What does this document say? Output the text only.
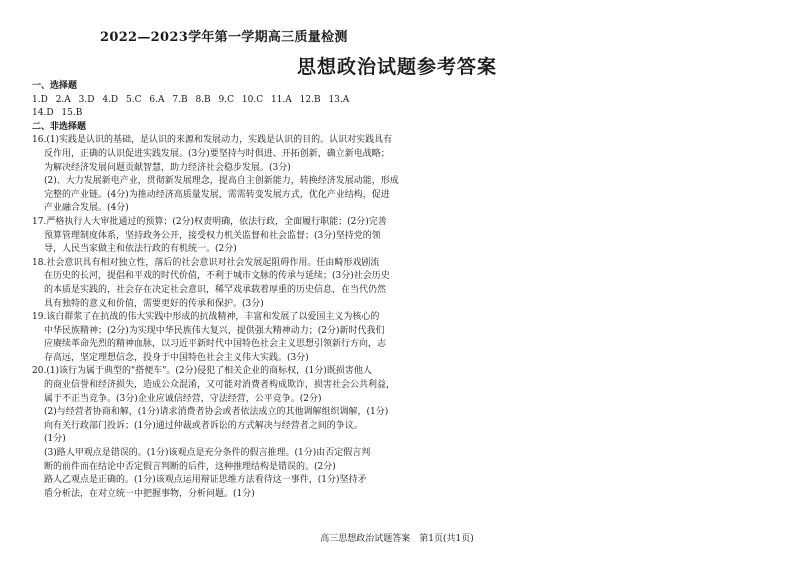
2022—2023学年第一学期高三质量检测
思想政治试题参考答案
一、选择题
1.D 2.A 3.D 4.D 5.C 6.A 7.B 8.B 9.C 10.C 11.A 12.B 13.A
14.D 15.B
二、非选择题
16.(1)实践是认识的基础，是认识的来源和发展动力，实践是认识的目的。认识对实践具有
反作用，正确的认识促进实践发展。(3分)要坚持与时俱进、开拓创新，确立新电战略；
为解决经济发展问题贡献智慧，助力经济社会稳步发展。(3分)
(2)、大力发展新电产业，贯彻新发展理念，提高自主创新能力，转换经济发展动能，形成
完整的产业链。(4分)为推动经济高质量发展，需需转变发展方式，优化产业结构，促进
产业融合发展。(4分)
17.严格执行人大审批通过的预算；(2分)权责明确，依法行政，全面履行职能；(2分)完善
预算管理制度体系，坚持政务公开，接受权力机关监督和社会监督；(3分)坚持党的领
导，人民当家做主和依法行政的有机统一。(2分)
18.社会意识具有相对独立性，落后的社会意识对社会发展起阻碍作用。任由畸形戏剧流
在历史的长河，提倡和平戏的时代价值，不利于城市文脉的传承与延续；(3分)社会历史
的本质是实践的，社会存在决定社会意识，稀罕戏承载着厚重的历史信息，在当代仍然
具有独特的意义和价值，需要更好的传承和保护。(3分)
19.该白群浆了在抗战的伟大实践中形成的抗战精神，丰富和发展了以爱国主义为核心的
中华民族精神；(2分)为实现中华民族伟大复兴，提供强大精神动力；(2分)新时代我们
应赓续革命先烈的精神血脉，以习近平新时代中国特色社会主义思想引领新行方向，志
存高远，坚定理想信念，投身于中国特色社会主义伟大实践。(3分)
20.(1)该行为属于典型的"搭便车"。(2分)侵犯了相关企业的商标权，(1分)既损害他人
的商业信誉和经济损失，造成公众混淆，又可能对消费者构成欺诈，损害社会公共利益，
属于不正当竞争。(3分)企业应诚信经营，守法经营，公平竞争。(2分)
(2)与经营者协商和解，(1分)请求消费者协会或者依法成立的其他调解组织调解，(1分)
向有关行政部门投诉；(1分)通过仲裁或者诉讼的方式解决与经营者之间的争议。
(1分)
(3)路人甲观点是错误的。(1分)该观点是充分条件的假言推理。(1分)由否定假言判
断的前件而在结论中否定假言判断的后件，这种推理结构是错误的。(2分)
路人乙观点是正确的。(1分)该观点运用辩证思维方法看待这一事件，(1分)坚持矛
盾分析法，在对立统一中把握事物，分析问题。(1分)
高三思想政治试题答案　第1页(共1页)
